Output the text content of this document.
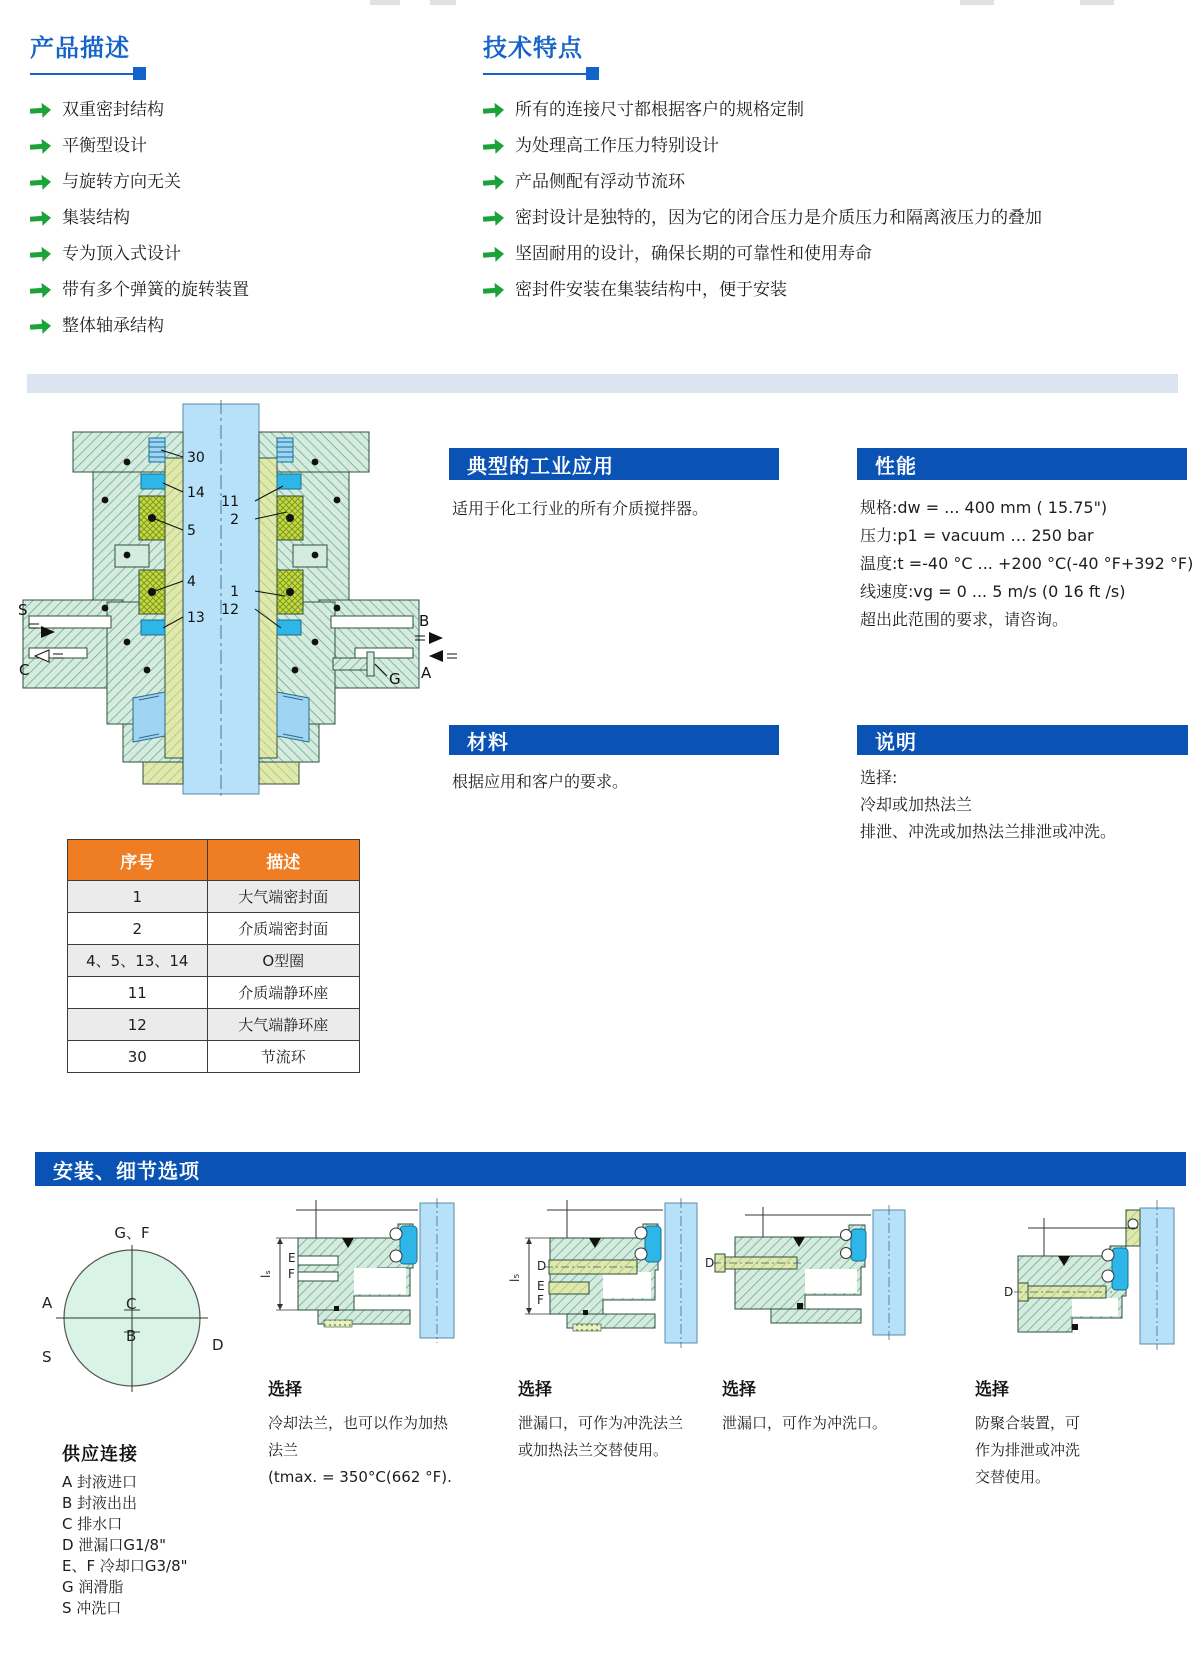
产品描述
双重密封结构
平衡型设计
与旋转方向无关
集装结构
专为顶入式设计
带有多个弹簧的旋转装置
整体轴承结构
技术特点
所有的连接尺寸都根据客户的规格定制
为处理高工作压力特别设计
产品侧配有浮动节流环
密封设计是独特的，因为它的闭合压力是介质压力和隔离液压力的叠加
坚固耐用的设计，确保长期的可靠性和使用寿命
密封件安装在集装结构中，便于安装
30
14
5
4
13
11
2
1
12
S
C
B
A
G
典型的工业应用
适用于化工行业的所有介质搅拌器。
性能
规格:dw = ... 400 mm ( 15.75")
压力:p1 = vacuum … 250 bar
温度:t =-40 °C ... +200 °C(-40 °F+392 °F)
线速度:vg = 0 ... 5 m/s (0 16 ft /s)
超出此范围的要求，请咨询。
材料
根据应用和客户的要求。
说明
选择:
冷却或加热法兰
排泄、冲洗或加热法兰排泄或冲洗。
序号	描述
1	大气端密封面
2	介质端密封面
4、5、13、14	O型圈
11	介质端静环座
12	大气端静环座
30	节流环
安装、细节选项
G、F
A
S
D
C
B
lₛ
E
F	l₅
D
E
F
D
D
选择
冷却法兰，也可以作为加热
法兰
(tmax. = 350°C(662 °F).
选择
泄漏口，可作为冲洗法兰
或加热法兰交替使用。
选择
泄漏口，可作为冲洗口。
选择
防聚合装置，可
作为排泄或冲洗
交替使用。
供应连接
A 封液进口
B 封液出出
C 排水口
D 泄漏口G1/8"
E、F 冷却口G3/8"
G 润滑脂
S 冲洗口
